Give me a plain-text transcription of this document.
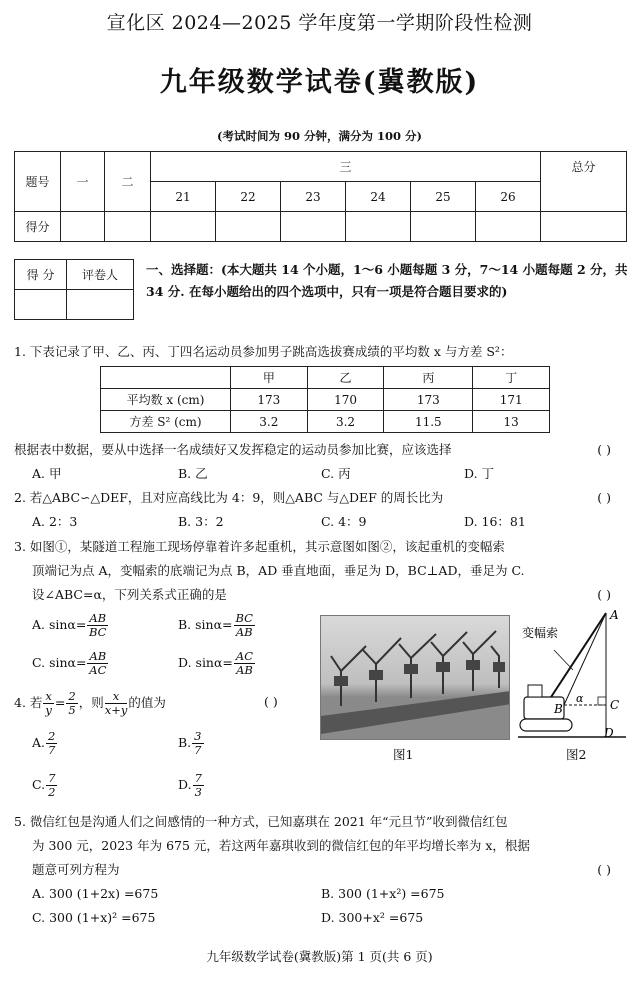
宣化区 2024—2025 学年度第一学期阶段性检测
九年级数学试卷(冀教版)
(考试时间为 90 分钟，满分为 100 分)
题号	一	二	三						总分
			21	22	23	24	25	26	
得分									
得 分	评卷人
	一、选择题：(本大题共 14 个小题，1～6 小题每题 3 分，7～14 小题每题 2 分，共 34 分. 在每小题给出的四个选项中，只有一项是符合题目要求的)
1. 下表记录了甲、乙、丙、丁四名运动员参加男子跳高选拔赛成绩的平均数 x 与方差 S²：
	甲	乙	丙	丁
平均数 x (cm)	173	170	173	171
方差 S² (cm)	3.2	3.2	11.5	13
根据表中数据，要从中选择一名成绩好又发挥稳定的运动员参加比赛，应该选择	( )
A. 甲	B. 乙	C. 丙	D. 丁
2. 若△ABC∽△DEF，且对应高线比为 4：9，则△ABC 与△DEF 的周长比为	( )
A. 2：3	B. 3：2	C. 4：9	D. 16：81
3. 如图①，某隧道工程施工现场停靠着许多起重机，其示意图如图②，该起重机的变幅索
顶端记为点 A，变幅索的底端记为点 B，AD 垂直地面，垂足为 D，BC⊥AD，垂足为 C.
设∠ABC=α，下列关系式正确的是	( )
A. $\sin\alpha= \frac{AB}{BC}$	B. $\sin\alpha= \frac{BC}{AB}$
C. $\sin\alpha= \frac{AB}{AC}$	D. $\sin\alpha= \frac{AC}{AB}$
图1
变幅索
A
B	C
D
α
图2
4. 若 $\frac{x}{y} = \frac{2}{5}$ ，则 $\frac{x}{x+y}$ 的值为	( )
A. $\frac{2}{7}$	B. $\frac{3}{7}$
C. $\frac{7}{2}$	D. $\frac{7}{3}$
5. 微信红包是沟通人们之间感情的一种方式，已知嘉琪在 2021 年“元旦节”收到微信红包
为 300 元，2023 年为 675 元，若这两年嘉琪收到的微信红包的年平均增长率为 x，根据
题意可列方程为	( )
A. 300 (1+2x) =675	B. 300 (1+x²) =675
C. 300 (1+x)² =675	D. 300+x² =675
九年级数学试卷(冀教版)第 1 页(共 6 页)
